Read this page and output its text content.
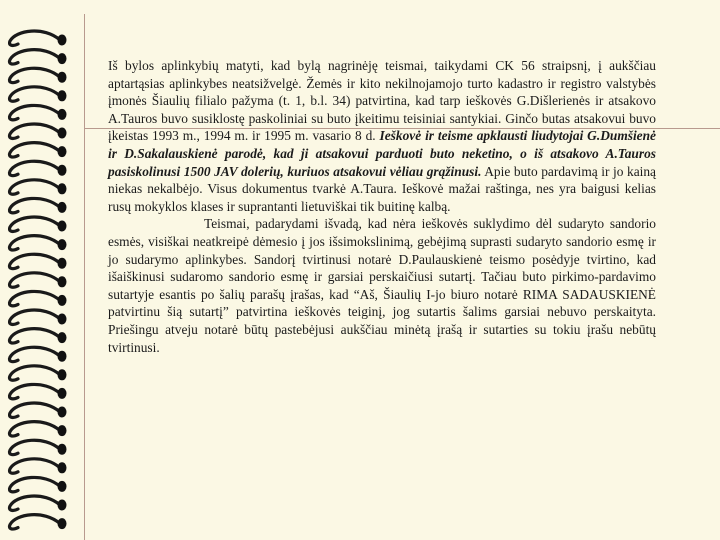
Iš bylos aplinkybių matyti, kad bylą nagrinėję teismai, taikydami CK 56 straipsnį, į aukščiau aptartąsias aplinkybes neatsižvelgė. Žemės ir kito nekilnojamojo turto kadastro ir registro valstybės įmonės Šiaulių filialo pažyma (t. 1, b.l. 34) patvirtina, kad tarp ieškovės G.Dišlerienės ir atsakovo A.Tauros buvo susiklostę paskoliniai su buto įkeitimu teisiniai santykiai. Ginčo butas atsakovui buvo įkeistas 1993 m., 1994 m. ir 1995 m. vasario 8 d. Ieškovė ir teisme apklausti liudytojai G.Dumšienė ir D.Sakalauskienė parodė, kad ji atsakovui parduoti buto neketino, o iš atsakovo A.Tauros pasiskolinusi 1500 JAV dolerių, kuriuos atsakovui vėliau grąžinusi. Apie buto pardavimą ir jo kainą niekas nekalbėjo. Visus dokumentus tvarkė A.Taura. Ieškovė mažai raštinga, nes yra baigusi kelias rusų mokyklos klases ir suprantanti lietuviškai tik buitinę kalbą.

Teismai, padarydami išvadą, kad nėra ieškovės suklydimo dėl sudaryto sandorio esmės, visiškai neatkreipė dėmesio į jos išsimokslinimą, gebėjimą suprasti sudaryto sandorio esmę ir jo sudarymo aplinkybes. Sandorį tvirtinusi notarė D.Paulauskienė teismo posėdyje tvirtino, kad išaiškinusi sudaromo sandorio esmę ir garsiai perskaičiusi sutartį. Tačiau buto pirkimo-pardavimo sutartyje esantis po šalių parašų įrašas, kad “Aš, Šiaulių I-jo biuro notarė RIMA SADAUSKIENĖ patvirtinu šią sutartį” patvirtina ieškovės teiginį, jog sutartis šalims garsiai nebuvo perskaityta. Priešingu atveju notarė būtų pastebėjusi aukščiau minėtą įrašą ir sutarties su tokiu įrašu nebūtų tvirtinusi.
